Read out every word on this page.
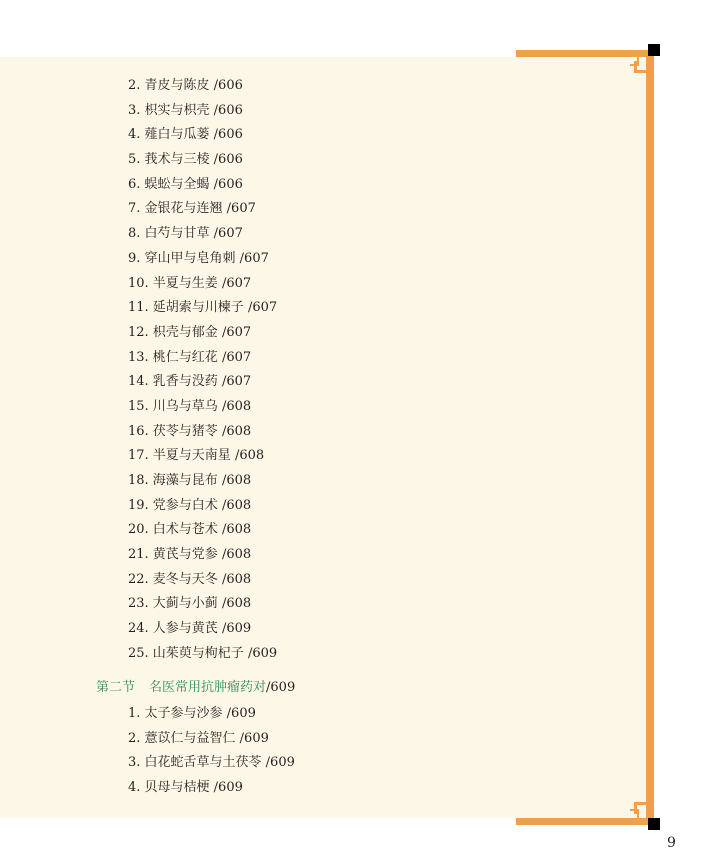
2. 青皮与陈皮 /606
3. 枳实与枳壳 /606
4. 薤白与瓜蒌 /606
5. 莪术与三棱 /606
6. 蜈蚣与全蝎 /606
7. 金银花与连翘 /607
8. 白芍与甘草 /607
9. 穿山甲与皂角刺 /607
10. 半夏与生姜 /607
11. 延胡索与川楝子 /607
12. 枳壳与郁金 /607
13. 桃仁与红花 /607
14. 乳香与没药 /607
15. 川乌与草乌 /608
16. 茯苓与猪苓 /608
17. 半夏与天南星 /608
18. 海藻与昆布 /608
19. 党参与白术 /608
20. 白术与苍术 /608
21. 黄芪与党参 /608
22. 麦冬与天冬 /608
23. 大蓟与小蓟 /608
24. 人参与黄芪 /609
25. 山茱萸与枸杞子 /609
第二节 名医常用抗肿瘤药对/609
1. 太子参与沙参 /609
2. 薏苡仁与益智仁 /609
3. 白花蛇舌草与土茯苓 /609
4. 贝母与桔梗 /609
9
